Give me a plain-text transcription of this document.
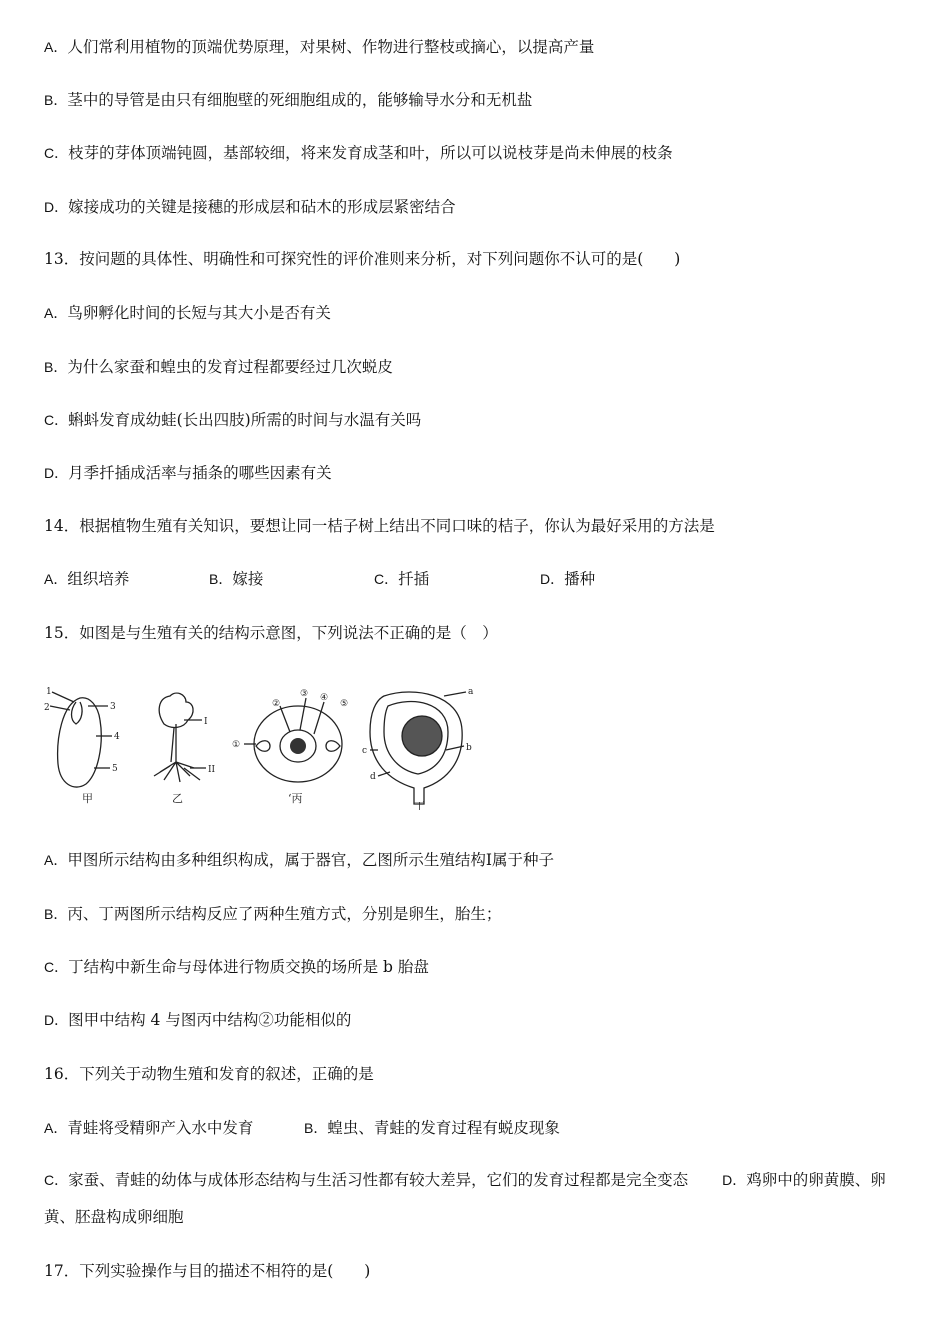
A．人们常利用植物的顶端优势原理，对果树、作物进行整枝或摘心，以提高产量
B．茎中的导管是由只有细胞壁的死细胞组成的，能够输导水分和无机盐
C．枝芽的芽体顶端钝圆，基部较细，将来发育成茎和叶，所以可以说枝芽是尚未伸展的枝条
D．嫁接成功的关键是接穗的形成层和砧木的形成层紧密结合
13．按问题的具体性、明确性和可探究性的评价准则来分析，对下列问题你不认可的是(　　)
A．鸟卵孵化时间的长短与其大小是否有关
B．为什么家蚕和蝗虫的发育过程都要经过几次蜕皮
C．蝌蚪发育成幼蛙(长出四肢)所需的时间与水温有关吗
D．月季扦插成活率与插条的哪些因素有关
14．根据植物生殖有关知识，要想让同一桔子树上结出不同口味的桔子，你认为最好采用的方法是
A．组织培养	B．嫁接	C．扦插	D．播种
15．如图是与生殖有关的结构示意图，下列说法不正确的是（　）
1
2	3
4
5
I
II
①
②
③ ④
⑤
a
b
c
d
甲	乙	‘丙
丁
A．甲图所示结构由多种组织构成，属于器官，乙图所示生殖结构Ⅰ属于种子
B．丙、丁两图所示结构反应了两种生殖方式，分别是卵生，胎生；
C．丁结构中新生命与母体进行物质交换的场所是 b 胎盘
D．图甲中结构 4 与图丙中结构②功能相似的
16．下列关于动物生殖和发育的叙述，正确的是
A．青蛙将受精卵产入水中发育	B．蝗虫、青蛙的发育过程有蜕皮现象
C．家蚕、青蛙的幼体与成体形态结构与生活习性都有较大差异，它们的发育过程都是完全变态 D．鸡卵中的卵黄膜、卵黄、胚盘构成卵细胞
17．下列实验操作与目的描述不相符的是(　　)
